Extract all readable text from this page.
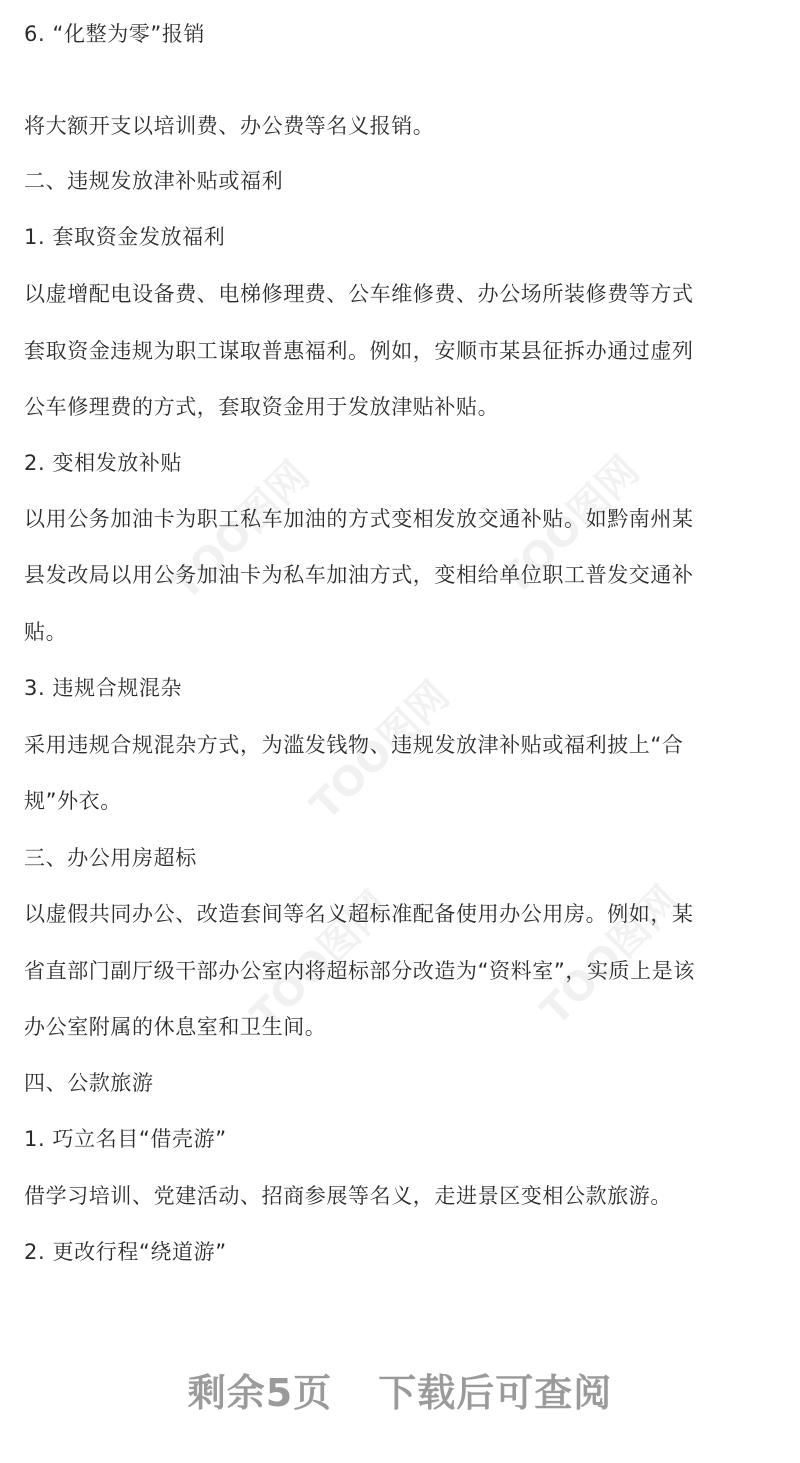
TOO图网	TOO图网
TOO图网
TOO图网	TOO图网
6. “化整为零”报销
将大额开支以培训费、办公费等名义报销。
二、违规发放津补贴或福利
1. 套取资金发放福利
以虚增配电设备费、电梯修理费、公车维修费、办公场所装修费等方式
套取资金违规为职工谋取普惠福利。例如，安顺市某县征拆办通过虚列
公车修理费的方式，套取资金用于发放津贴补贴。
2. 变相发放补贴
以用公务加油卡为职工私车加油的方式变相发放交通补贴。如黔南州某
县发改局以用公务加油卡为私车加油方式，变相给单位职工普发交通补
贴。
3. 违规合规混杂
采用违规合规混杂方式，为滥发钱物、违规发放津补贴或福利披上“合
规”外衣。
三、办公用房超标
以虚假共同办公、改造套间等名义超标准配备使用办公用房。例如，某
省直部门副厅级干部办公室内将超标部分改造为“资料室”，实质上是该
办公室附属的休息室和卫生间。
四、公款旅游
1. 巧立名目“借壳游”
借学习培训、党建活动、招商参展等名义，走进景区变相公款旅游。
2. 更改行程“绕道游”
剩余5页 下载后可查阅
